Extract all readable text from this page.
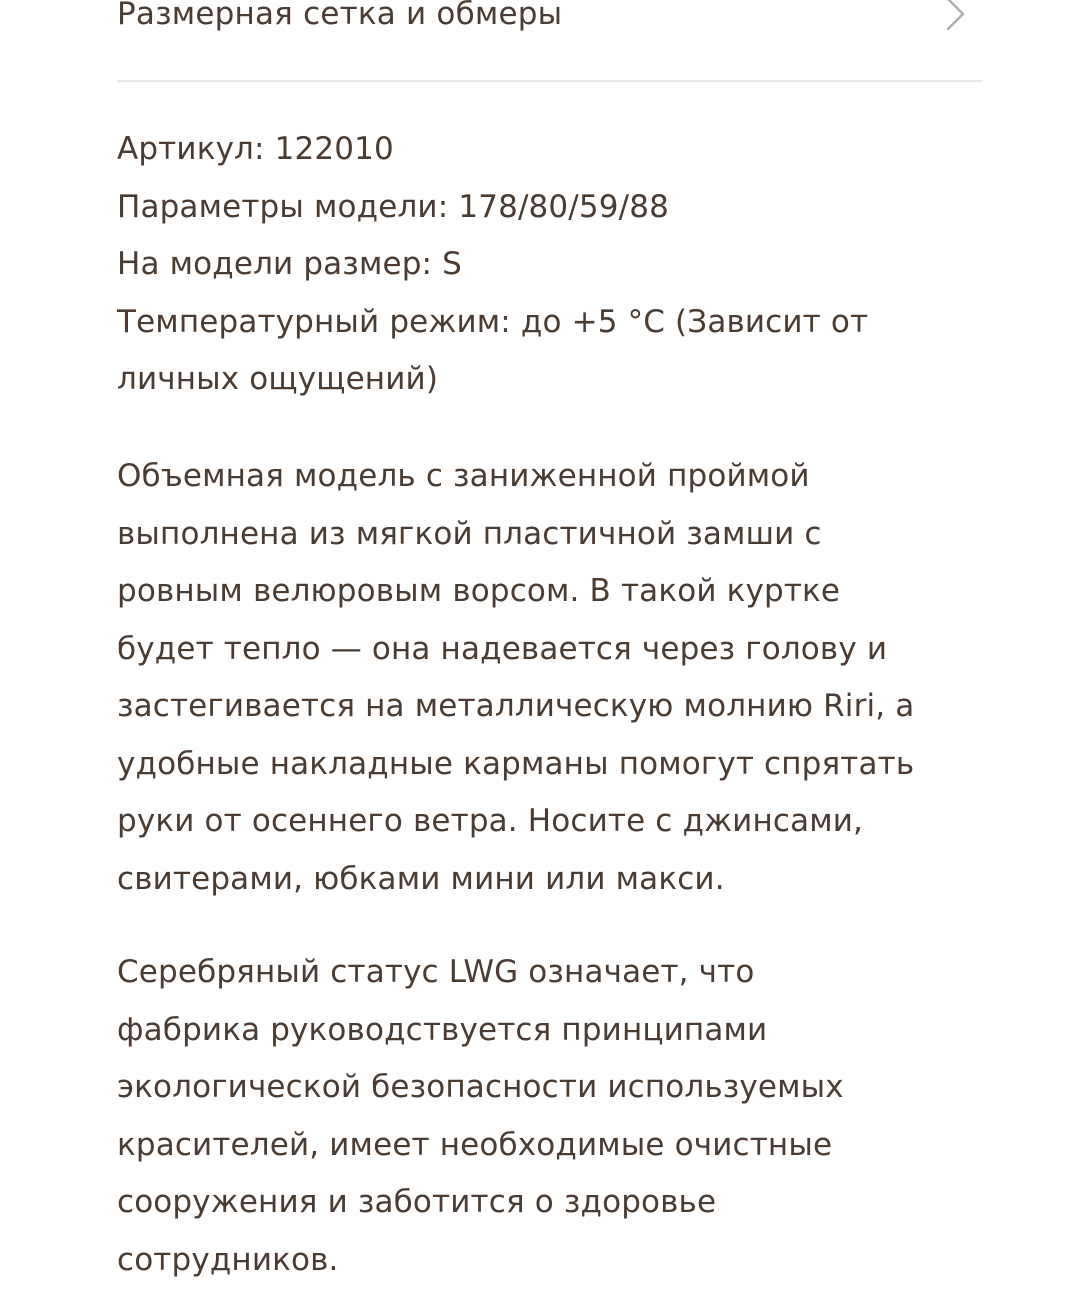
Размерная сетка и обмеры
Артикул: 122010
Параметры модели: 178/80/59/88
На модели размер: S
Температурный режим: до +5 °С (Зависит от
личных ощущений)
Объемная модель с заниженной проймой
выполнена из мягкой пластичной замши с
ровным велюровым ворсом. В такой куртке
будет тепло — она надевается через голову и
застегивается на металлическую молнию Riri, а
удобные накладные карманы помогут спрятать
руки от осеннего ветра. Носите с джинсами,
свитерами, юбками мини или макси.
Серебряный статус LWG означает, что
фабрика руководствуется принципами
экологической безопасности используемых
красителей, имеет необходимые очистные
сооружения и заботится о здоровье
сотрудников.
